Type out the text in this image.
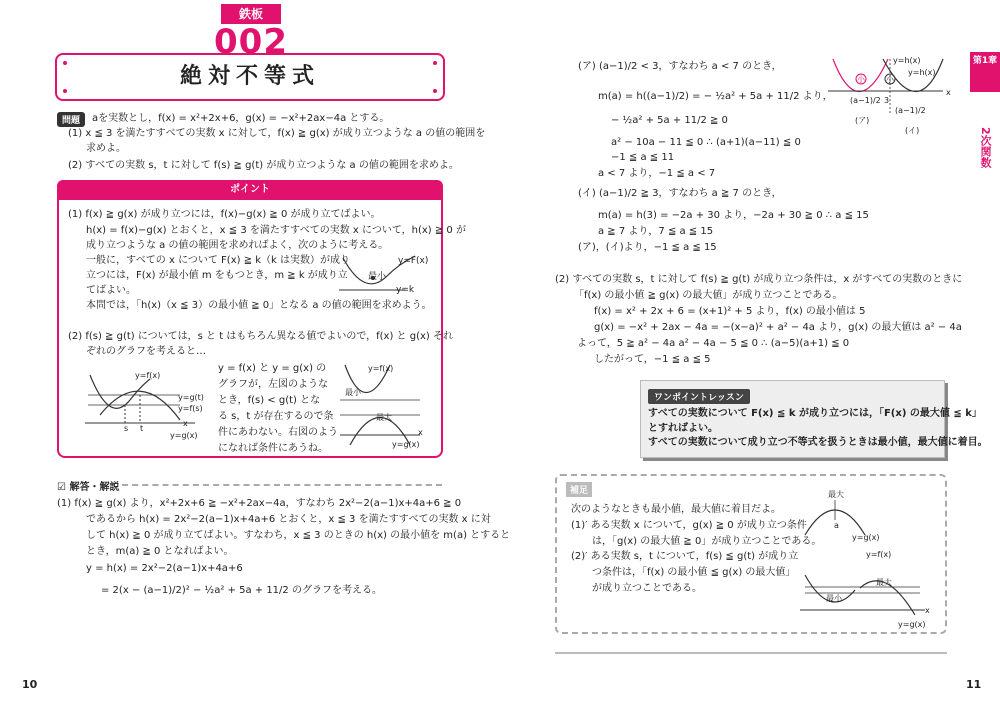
鉄板
002
絶対不等式
問題	aを実数とし，f(x) = x²+2x+6，g(x) = −x²+2ax−4a とする。
(1) x ≦ 3 を満たすすべての実数 x に対して，f(x) ≧ g(x) が成り立つような a の値の範囲を
求めよ。
(2) すべての実数 s，t に対して f(s) ≧ g(t) が成り立つような a の値の範囲を求めよ。
ポイント
(1) f(x) ≧ g(x) が成り立つには，f(x)−g(x) ≧ 0 が成り立てばよい。
h(x) = f(x)−g(x) とおくと，x ≦ 3 を満たすすべての実数 x について，h(x) ≧ 0 が
成り立つような a の値の範囲を求めればよく，次のように考える。
一般に，すべての x について F(x) ≧ k（k は実数）が成り
立つには，F(x) が最小値 m をもつとき，m ≧ k が成り立
てばよい。
本問では，「h(x)（x ≦ 3）の最小値 ≧ 0」となる a の値の範囲を求めよう。
y=F(x)
最小
y=k
(2) f(s) ≧ g(t) については，s と t はもちろん異なる値でよいので，f(x) と g(x) それ
ぞれのグラフを考えると…
y=f(x)
y=g(t)
y=f(s)
s t
x
y=g(x)
y = f(x) と y = g(x) の
グラフが，左図のような
とき，f(s) < g(t) とな
る s，t が存在するので条
件にあわない。右図のよう
になれば条件にあうね。
y=f(x)
最小
最大
x
y=g(x)
☑ 解答・解説
(1) f(x) ≧ g(x) より，x²+2x+6 ≧ −x²+2ax−4a，すなわち 2x²−2(a−1)x+4a+6 ≧ 0
であるから h(x) = 2x²−2(a−1)x+4a+6 とおくと，x ≦ 3 を満たすすべての実数 x に対
して h(x) ≧ 0 が成り立てばよい。すなわち，x ≦ 3 のときの h(x) の最小値を m(a) とすると
とき，m(a) ≧ 0 となればよい。
y = h(x) = 2x²−2(a−1)x+4a+6
= 2(x − (a−1)/2)² − ½a² + 5a + 11/2 のグラフを考える。
10
(ア) (a−1)/2 < 3，すなわち a < 7 のとき，
m(a) = h((a−1)/2) = − ½a² + 5a + 11/2 より，
− ½a² + 5a + 11/2 ≧ 0
a² − 10a − 11 ≦ 0 ∴ (a+1)(a−11) ≦ 0
−1 ≦ a ≦ 11
a < 7 より，−1 ≦ a < 7
(イ) (a−1)/2 ≧ 3，すなわち a ≧ 7 のとき，
m(a) = h(3) = −2a + 30 より，−2a + 30 ≧ 0 ∴ a ≦ 15
a ≧ 7 より，7 ≦ a ≦ 15
(ア)，(イ)より，−1 ≦ a ≦ 15
y=h(x)
y=h(x)
小	小
x
(a−1)/2 3
(a−1)/2
(ア)
(イ)
(2) すべての実数 s，t に対して f(s) ≧ g(t) が成り立つ条件は，x がすべての実数のときに
「f(x) の最小値 ≧ g(x) の最大値」が成り立つことである。
f(x) = x² + 2x + 6 = (x+1)² + 5 より，f(x) の最小値は 5
g(x) = −x² + 2ax − 4a = −(x−a)² + a² − 4a より，g(x) の最大値は a² − 4a
よって，5 ≧ a² − 4a a² − 4a − 5 ≦ 0 ∴ (a−5)(a+1) ≦ 0
したがって，−1 ≦ a ≦ 5
ワンポイントレッスン
すべての実数について F(x) ≦ k が成り立つには，「F(x) の最大値 ≦ k」
とすればよい。
すべての実数について成り立つ不等式を扱うときは最小値，最大値に着目。
補足
次のようなときも最小値，最大値に着目だよ。
(1)′ ある実数 x について，g(x) ≧ 0 が成り立つ条件
は，「g(x) の最大値 ≧ 0」が成り立つことである。
(2)′ ある実数 s，t について，f(s) ≦ g(t) が成り立
つ条件は，「f(x) の最小値 ≦ g(x) の最大値」
が成り立つことである。
最大
a
y=g(x)
y=f(x)
最大
最小
x
y=g(x)
第1章
2次関数
11
